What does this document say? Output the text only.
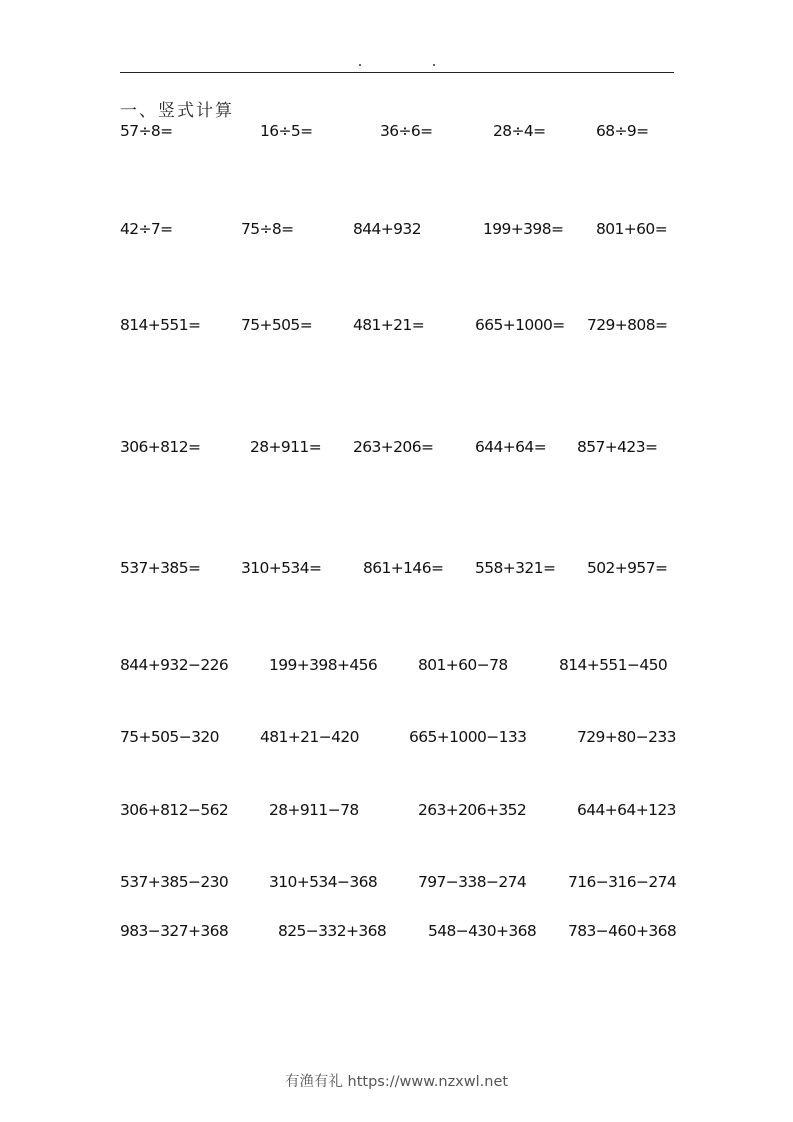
一、竖式计算
57÷8=	16÷5=	36÷6=	28÷4=	68÷9=
42÷7=	75÷8=	844+932	199+398= 801+60=
814+551=	75+505=	481+21=	665+1000= 729+808=
306+812=	28+911= 263+206=	644+64= 857+423=
537+385=	310+534=	861+146= 558+321= 502+957=
844+932−226	199+398+456	801+60−78	814+551−450
75+505−320	481+21−420	665+1000−133	729+80−233
306+812−562	28+911−78	263+206+352	644+64+123
537+385−230	310+534−368	797−338−274	716−316−274
983−327+368	825−332+368	548−430+368 783−460+368
有渔有礼 https://www.nzxwl.net
